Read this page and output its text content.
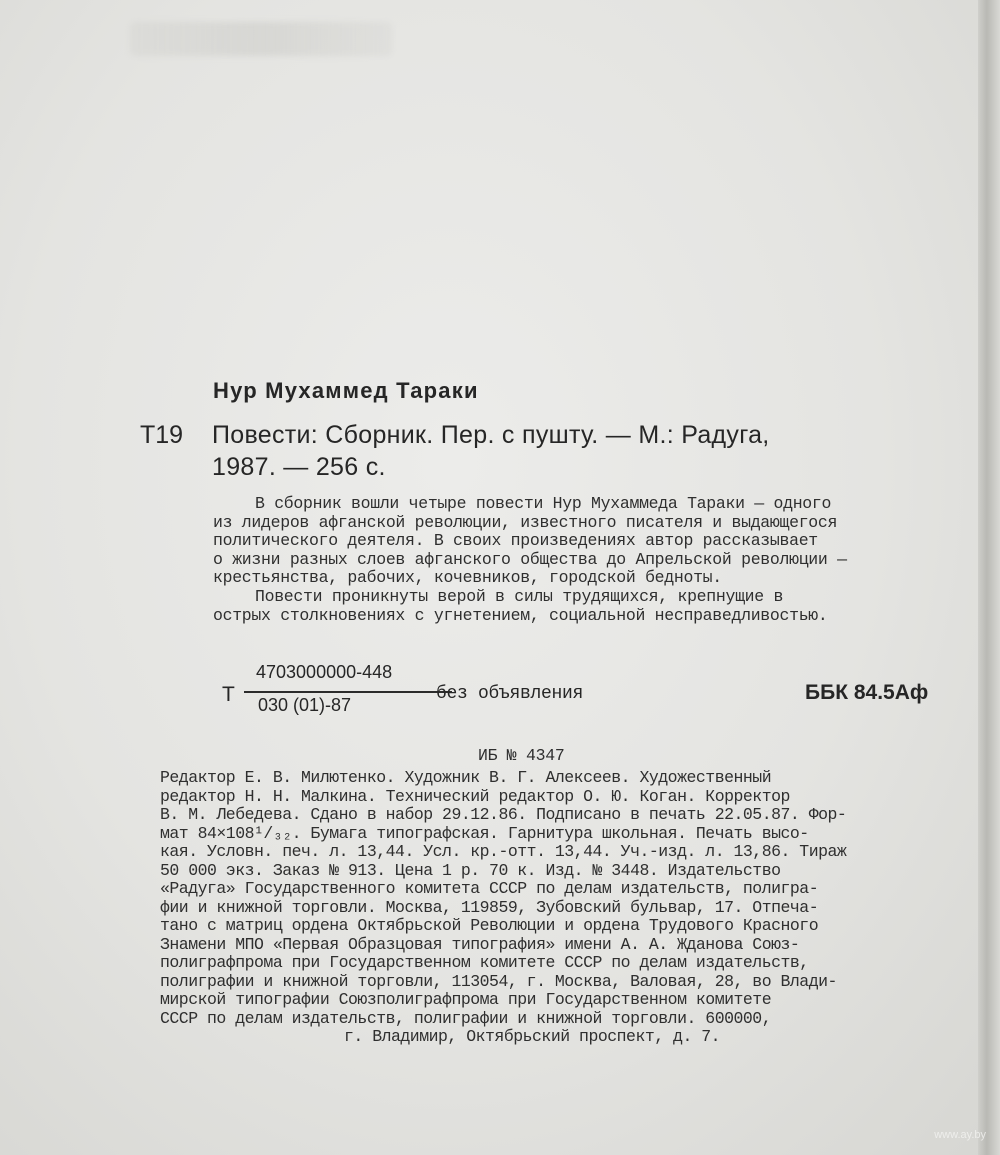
Нур Мухаммед Тараки
Т19 Повести: Сборник. Пер. с пушту. — М.: Радуга,
1987. — 256 с.
В сборник вошли четыре повести Нур Мухаммеда Тараки — одного
из лидеров афганской революции, известного писателя и выдающегося
политического деятеля. В своих произведениях автор рассказывает
о жизни разных слоев афганского общества до Апрельской революции —
крестьянства, рабочих, кочевников, городской бедноты.
Повести проникнуты верой в силы трудящихся, крепнущие в
острых столкновениях с угнетением, социальной несправедливостью.
Т
4703000000-448
030 (01)-87
без объявления	ББК 84.5Аф
ИБ № 4347
Редактор Е. В. Милютенко. Художник В. Г. Алексеев. Художественный
редактор Н. Н. Малкина. Технический редактор О. Ю. Коган. Корректор
В. М. Лебедева. Сдано в набор 29.12.86. Подписано в печать 22.05.87. Фор-
мат 84×108¹/₃₂. Бумага типографская. Гарнитура школьная. Печать высо-
кая. Условн. печ. л. 13,44. Усл. кр.-отт. 13,44. Уч.-изд. л. 13,86. Тираж
50 000 экз. Заказ № 913. Цена 1 р. 70 к. Изд. № 3448. Издательство
«Радуга» Государственного комитета СССР по делам издательств, полигра-
фии и книжной торговли. Москва, 119859, Зубовский бульвар, 17. Отпеча-
тано с матриц ордена Октябрьской Революции и ордена Трудового Красного
Знамени МПО «Первая Образцовая типография» имени А. А. Жданова Союз-
полиграфпрома при Государственном комитете СССР по делам издательств,
полиграфии и книжной торговли, 113054, г. Москва, Валовая, 28, во Влади-
мирской типографии Союзполиграфпрома при Государственном комитете
СССР по делам издательств, полиграфии и книжной торговли. 600000,
г. Владимир, Октябрьский проспект, д. 7.
www.ay.by
